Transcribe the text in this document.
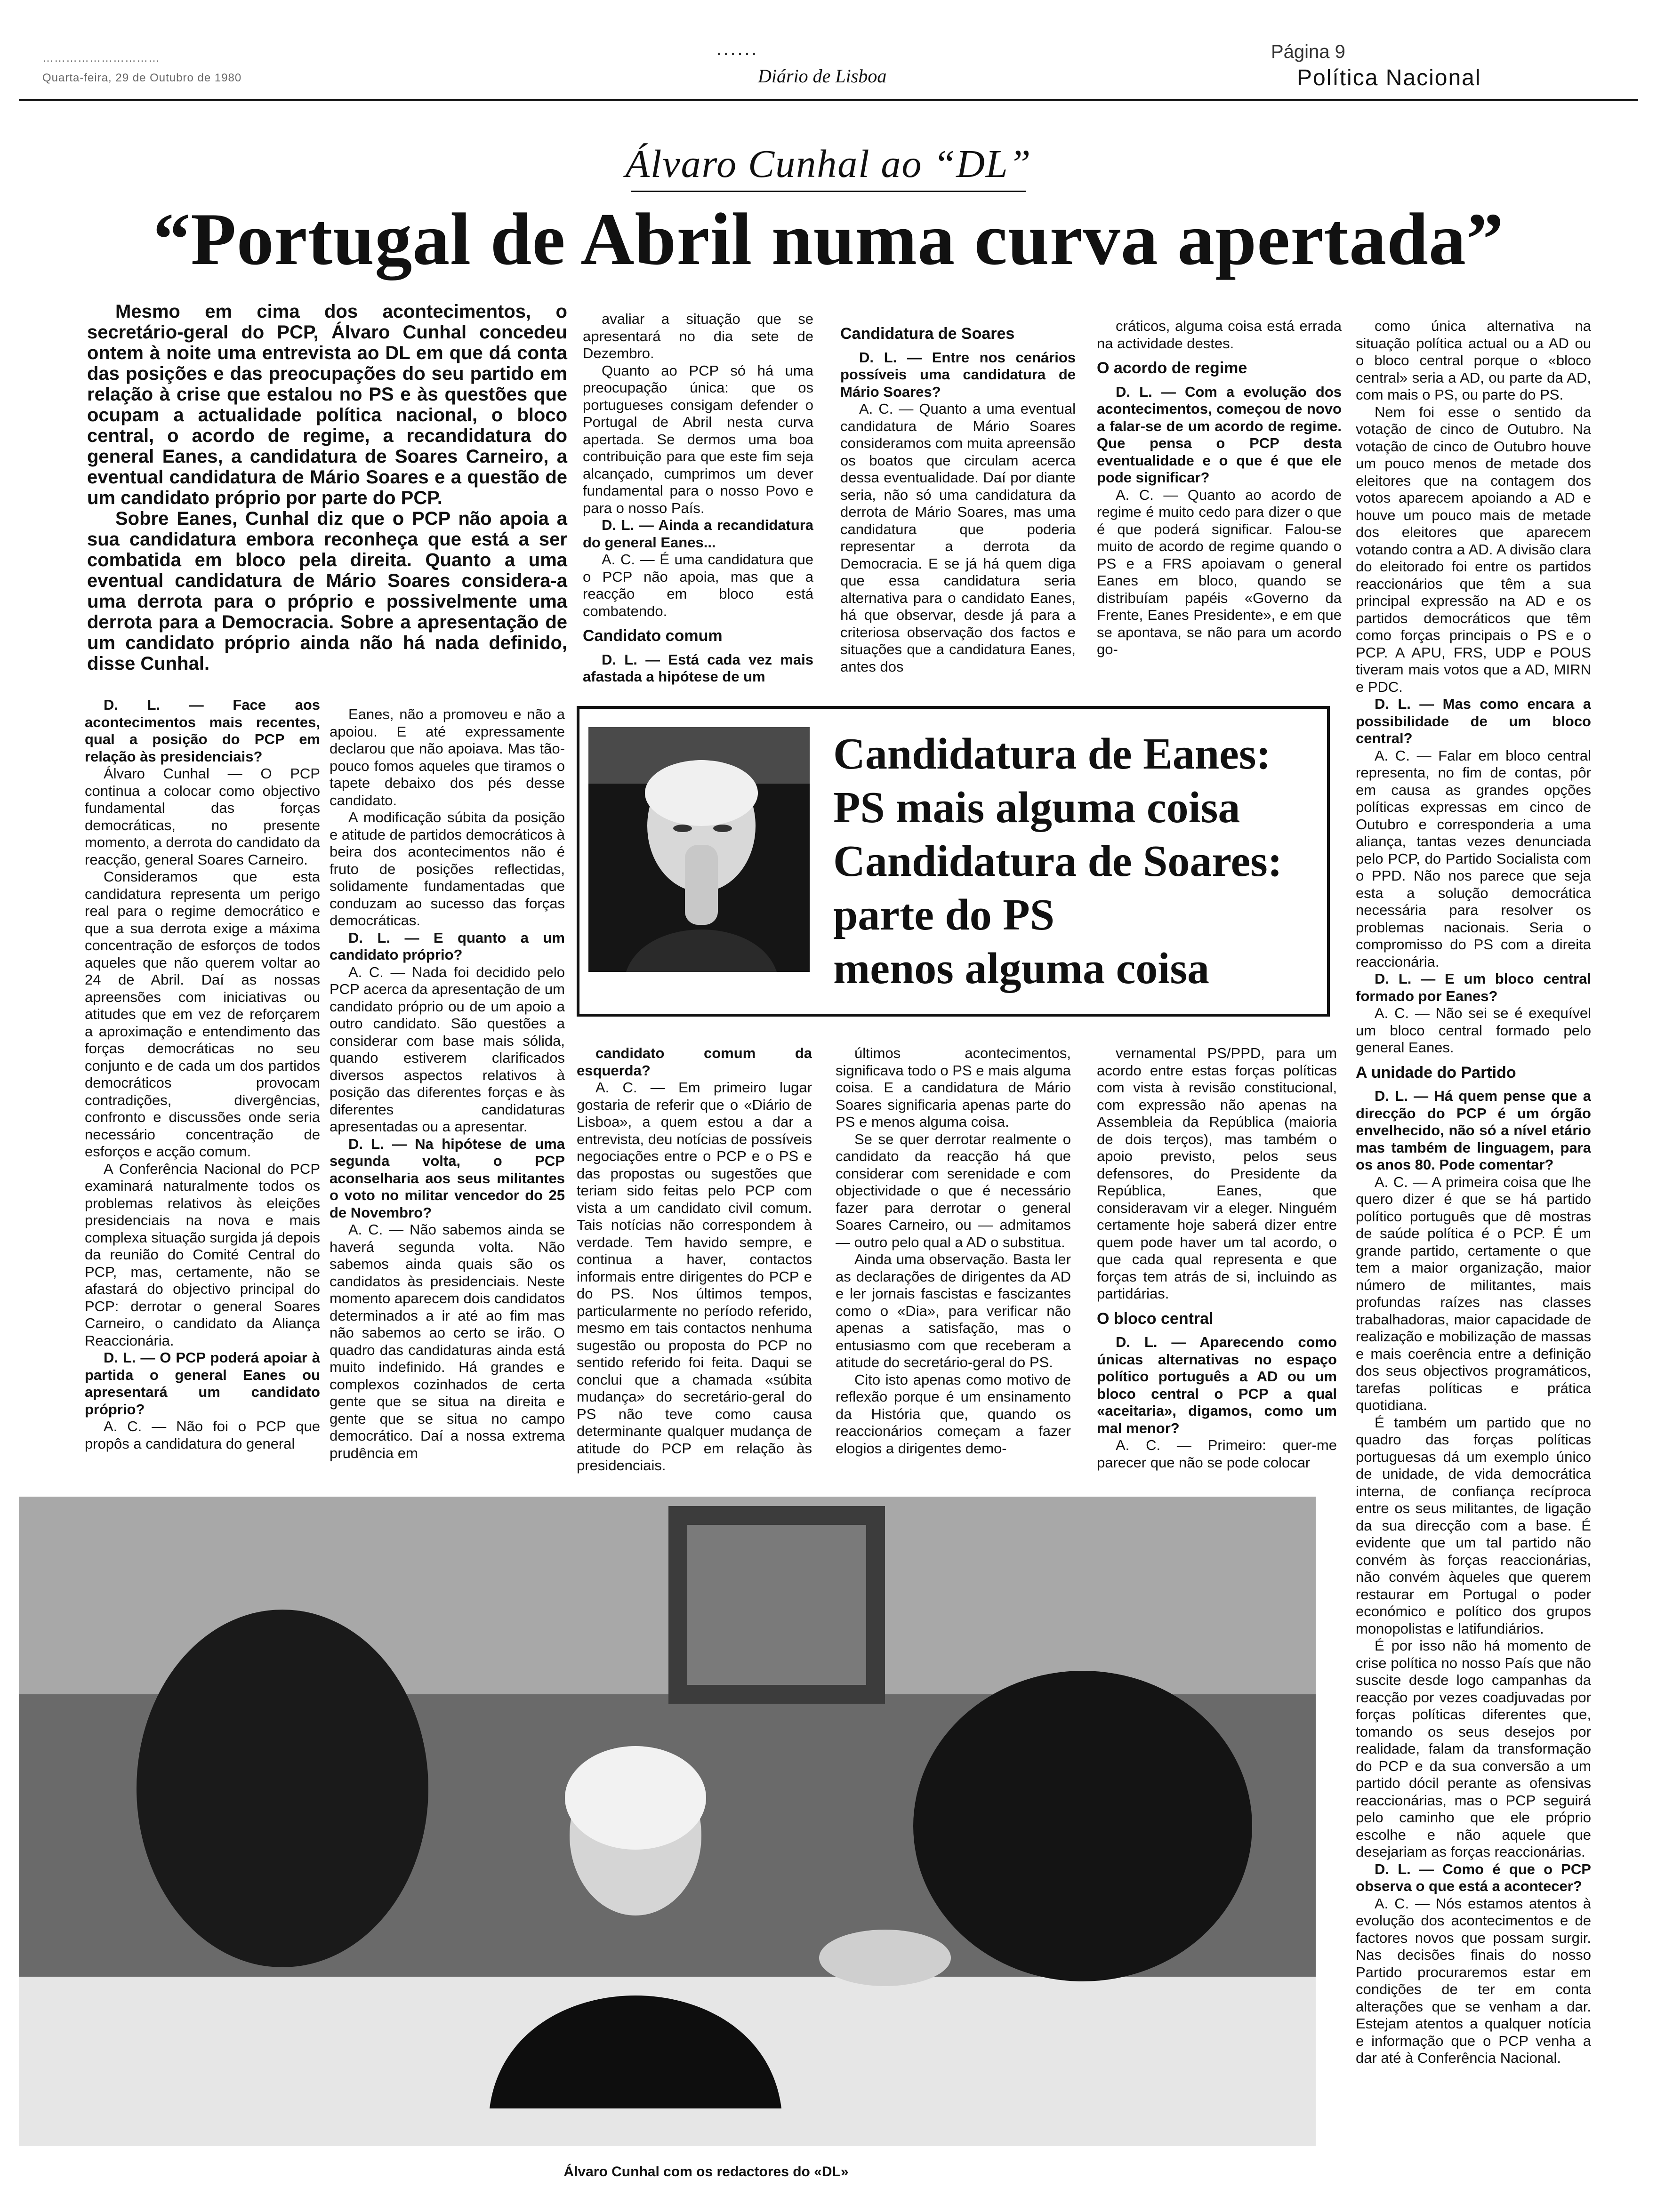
…………………………
Quarta-feira, 29 de Outubro de 1980
······
Diário de Lisboa
Página 9
Política Nacional
Álvaro Cunhal ao “DL”
“Portugal de Abril numa curva apertada”

Mesmo em cima dos acontecimentos, o secretário-geral do PCP, Álvaro Cunhal concedeu ontem à noite uma entrevista ao DL em que dá conta das posições e das preocupações do seu partido em relação à crise que estalou no PS e às questões que ocupam a actualidade política nacional, o bloco central, o acordo de regime, a recandidatura do general Eanes, a candidatura de Soares Carneiro, a eventual candidatura de Mário Soares e a questão de um candidato próprio por parte do PCP.

Sobre Eanes, Cunhal diz que o PCP não apoia a sua candidatura embora reconheça que está a ser combatida em bloco pela direita. Quanto a uma eventual candidatura de Mário Soares considera-a uma derrota para o próprio e possivelmente uma derrota para a Democracia. Sobre a apresentação de um candidato próprio ainda não há nada definido, disse Cunhal.

D. L. — Face aos acontecimentos mais recentes, qual a posição do PCP em relação às presidenciais?

Álvaro Cunhal — O PCP continua a colocar como objectivo fundamental das forças democráticas, no presente momento, a derrota do candidato da reacção, general Soares Carneiro.

Consideramos que esta candidatura representa um perigo real para o regime democrático e que a sua derrota exige a máxima concentração de esforços de todos aqueles que não querem voltar ao 24 de Abril. Daí as nossas apreensões com iniciativas ou atitudes que em vez de reforçarem a aproximação e entendimento das forças democráticas no seu conjunto e de cada um dos partidos democráticos provocam contradições, divergências, confronto e discussões onde seria necessário concentração de esforços e acção comum.

A Conferência Nacional do PCP examinará naturalmente todos os problemas relativos às eleições presidenciais na nova e mais complexa situação surgida já depois da reunião do Comité Central do PCP, mas, certamente, não se afastará do objectivo principal do PCP: derrotar o general Soares Carneiro, o candidato da Aliança Reaccionária.

D. L. — O PCP poderá apoiar à partida o general Eanes ou apresentará um candidato próprio?

A. C. — Não foi o PCP que propôs a candidatura do general

avaliar a situação que se apresentará no dia sete de Dezembro.

Quanto ao PCP só há uma preocupação única: que os portugueses consigam defender o Portugal de Abril nesta curva apertada. Se dermos uma boa contribuição para que este fim seja alcançado, cumprimos um dever fundamental para o nosso Povo e para o nosso País.

D. L. — Ainda a recandidatura do general Eanes...

A. C. — É uma candidatura que o PCP não apoia, mas que a reacção em bloco está combatendo.

Candidato comum

D. L. — Está cada vez mais afastada a hipótese de um

Eanes, não a promoveu e não a apoiou. E até expressamente declarou que não apoiava. Mas tão-pouco fomos aqueles que tiramos o tapete debaixo dos pés desse candidato.

A modificação súbita da posição e atitude de partidos democráticos à beira dos acontecimentos não é fruto de posições reflectidas, solidamente fundamentadas que conduzam ao sucesso das forças democráticas.

D. L. — E quanto a um candidato próprio?

A. C. — Nada foi decidido pelo PCP acerca da apresentação de um candidato próprio ou de um apoio a outro candidato. São questões a considerar com base mais sólida, quando estiverem clarificados diversos aspectos relativos à posição das diferentes forças e às diferentes candidaturas apresentadas ou a apresentar.

D. L. — Na hipótese de uma segunda volta, o PCP aconselharia aos seus militantes o voto no militar vencedor do 25 de Novembro?

A. C. — Não sabemos ainda se haverá segunda volta. Não sabemos ainda quais são os candidatos às presidenciais. Neste momento aparecem dois candidatos determinados a ir até ao fim mas não sabemos ao certo se irão. O quadro das candidaturas ainda está muito indefinido. Há grandes e complexos cozinhados de certa gente que se situa na direita e gente que se situa no campo democrático. Daí a nossa extrema prudência em

Candidatura de Soares

D. L. — Entre nos cenários possíveis uma candidatura de Mário Soares?

A. C. — Quanto a uma eventual candidatura de Mário Soares consideramos com muita apreensão os boatos que circulam acerca dessa eventualidade. Daí por diante seria, não só uma candidatura da derrota de Mário Soares, mas uma candidatura que poderia representar a derrota da Democracia. E se já há quem diga que essa candidatura seria alternativa para o candidato Eanes, há que observar, desde já para a criteriosa observação dos factos e situações que a candidatura Eanes, antes dos

candidato comum da esquerda?

A. C. — Em primeiro lugar gostaria de referir que o «Diário de Lisboa», a quem estou a dar a entrevista, deu notícias de possíveis negociações entre o PCP e o PS e das propostas ou sugestões que teriam sido feitas pelo PCP com vista a um candidato civil comum. Tais notícias não correspondem à verdade. Tem havido sempre, e continua a haver, contactos informais entre dirigentes do PCP e do PS. Nos últimos tempos, particularmente no período referido, mesmo em tais contactos nenhuma sugestão ou proposta do PCP no sentido referido foi feita. Daqui se conclui que a chamada «súbita mudança» do secretário-geral do PS não teve como causa determinante qualquer mudança de atitude do PCP em relação às presidenciais.

cráticos, alguma coisa está errada na actividade destes.

O acordo de regime

D. L. — Com a evolução dos acontecimentos, começou de novo a falar-se de um acordo de regime. Que pensa o PCP desta eventualidade e o que é que ele pode significar?

A. C. — Quanto ao acordo de regime é muito cedo para dizer o que é que poderá significar. Falou-se muito de acordo de regime quando o PS e a FRS apoiavam o general Eanes em bloco, quando se distribuíam papéis «Governo da Frente, Eanes Presidente», e em que se apontava, se não para um acordo go-

últimos acontecimentos, significava todo o PS e mais alguma coisa. E a candidatura de Mário Soares significaria apenas parte do PS e menos alguma coisa.

Se se quer derrotar realmente o candidato da reacção há que considerar com serenidade e com objectividade o que é necessário fazer para derrotar o general Soares Carneiro, ou — admitamos — outro pelo qual a AD o substitua.

Ainda uma observação. Basta ler as declarações de dirigentes da AD e ler jornais fascistas e fascizantes como o «Dia», para verificar não apenas a satisfação, mas o entusiasmo com que receberam a atitude do secretário-geral do PS.

Cito isto apenas como motivo de reflexão porque é um ensinamento da História que, quando os reaccionários começam a fazer elogios a dirigentes demo-

vernamental PS/PPD, para um acordo entre estas forças políticas com vista à revisão constitucional, com expressão não apenas na Assembleia da República (maioria de dois terços), mas também o apoio previsto, pelos seus defensores, do Presidente da República, Eanes, que consideravam vir a eleger. Ninguém certamente hoje saberá dizer entre quem pode haver um tal acordo, o que cada qual representa e que forças tem atrás de si, incluindo as partidárias.

O bloco central

D. L. — Aparecendo como únicas alternativas no espaço político português a AD ou um bloco central o PCP a qual «aceitaria», digamos, como um mal menor?

A. C. — Primeiro: quer-me parecer que não se pode colocar

como única alternativa na situação política actual ou a AD ou o bloco central porque o «bloco central» seria a AD, ou parte da AD, com mais o PS, ou parte do PS.

Nem foi esse o sentido da votação de cinco de Outubro. Na votação de cinco de Outubro houve um pouco menos de metade dos eleitores que na contagem dos votos aparecem apoiando a AD e houve um pouco mais de metade dos eleitores que aparecem votando contra a AD. A divisão clara do eleitorado foi entre os partidos reaccionários que têm a sua principal expressão na AD e os partidos democráticos que têm como forças principais o PS e o PCP. A APU, FRS, UDP e POUS tiveram mais votos que a AD, MIRN e PDC.

D. L. — Mas como encara a possibilidade de um bloco central?

A. C. — Falar em bloco central representa, no fim de contas, pôr em causa as grandes opções políticas expressas em cinco de Outubro e corresponderia a uma aliança, tantas vezes denunciada pelo PCP, do Partido Socialista com o PPD. Não nos parece que seja esta a solução democrática necessária para resolver os problemas nacionais. Seria o compromisso do PS com a direita reaccionária.

D. L. — E um bloco central formado por Eanes?

A. C. — Não sei se é exequível um bloco central formado pelo general Eanes.

A unidade do Partido

D. L. — Há quem pense que a direcção do PCP é um órgão envelhecido, não só a nível etário mas também de linguagem, para os anos 80. Pode comentar?

A. C. — A primeira coisa que lhe quero dizer é que se há partido político português que dê mostras de saúde política é o PCP. É um grande partido, certamente o que tem a maior organização, maior número de militantes, mais profundas raízes nas classes trabalhadoras, maior capacidade de realização e mobilização de massas e mais coerência entre a definição dos seus objectivos programáticos, tarefas políticas e prática quotidiana.

É também um partido que no quadro das forças políticas portuguesas dá um exemplo único de unidade, de vida democrática interna, de confiança recíproca entre os seus militantes, de ligação da sua direcção com a base. É evidente que um tal partido não convém às forças reaccionárias, não convém àqueles que querem restaurar em Portugal o poder económico e político dos grupos monopolistas e latifundiários.

É por isso não há momento de crise política no nosso País que não suscite desde logo campanhas da reacção por vezes coadjuvadas por forças políticas diferentes que, tomando os seus desejos por realidade, falam da transformação do PCP e da sua conversão a um partido dócil perante as ofensivas reaccionárias, mas o PCP seguirá pelo caminho que ele próprio escolhe e não aquele que desejariam as forças reaccionárias.

D. L. — Como é que o PCP observa o que está a acontecer?

A. C. — Nós estamos atentos à evolução dos acontecimentos e de factores novos que possam surgir. Nas decisões finais do nosso Partido procuraremos estar em condições de ter em conta alterações que se venham a dar. Estejam atentos a qualquer notícia e informação que o PCP venha a dar até à Conferência Nacional.

Candidatura de Eanes:
PS mais alguma coisa
Candidatura de Soares:
parte do PS
menos alguma coisa
Álvaro Cunhal com os redactores do «DL»
